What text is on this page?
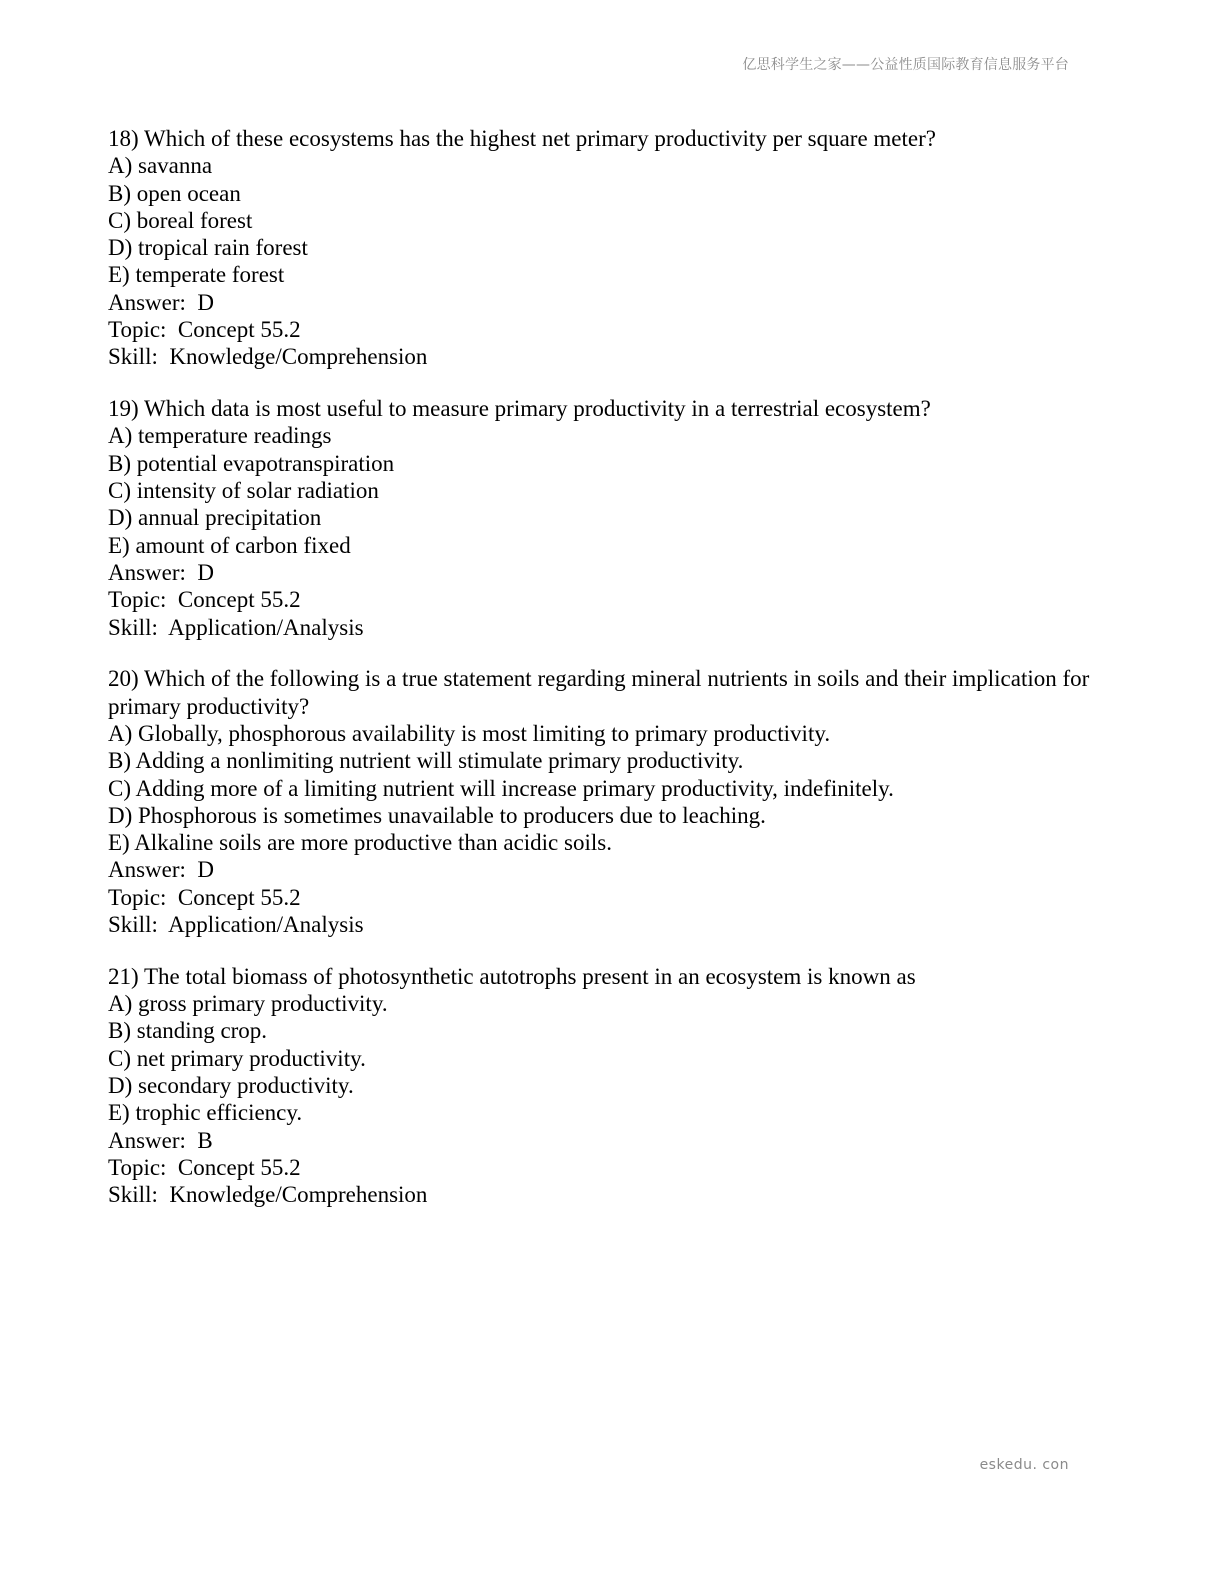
亿思科学生之家——公益性质国际教育信息服务平台
18) Which of these ecosystems has the highest net primary productivity per square meter?
A) savanna
B) open ocean
C) boreal forest
D) tropical rain forest
E) temperate forest
Answer:  D
Topic:  Concept 55.2
Skill:  Knowledge/Comprehension
19) Which data is most useful to measure primary productivity in a terrestrial ecosystem?
A) temperature readings
B) potential evapotranspiration
C) intensity of solar radiation
D) annual precipitation
E) amount of carbon fixed
Answer:  D
Topic:  Concept 55.2
Skill:  Application/Analysis
20) Which of the following is a true statement regarding mineral nutrients in soils and their implication for primary productivity?
A) Globally, phosphorous availability is most limiting to primary productivity.
B) Adding a nonlimiting nutrient will stimulate primary productivity.
C) Adding more of a limiting nutrient will increase primary productivity, indefinitely.
D) Phosphorous is sometimes unavailable to producers due to leaching.
E) Alkaline soils are more productive than acidic soils.
Answer:  D
Topic:  Concept 55.2
Skill:  Application/Analysis
21) The total biomass of photosynthetic autotrophs present in an ecosystem is known as
A) gross primary productivity.
B) standing crop.
C) net primary productivity.
D) secondary productivity.
E) trophic efficiency.
Answer:  B
Topic:  Concept 55.2
Skill:  Knowledge/Comprehension
eskedu. con
